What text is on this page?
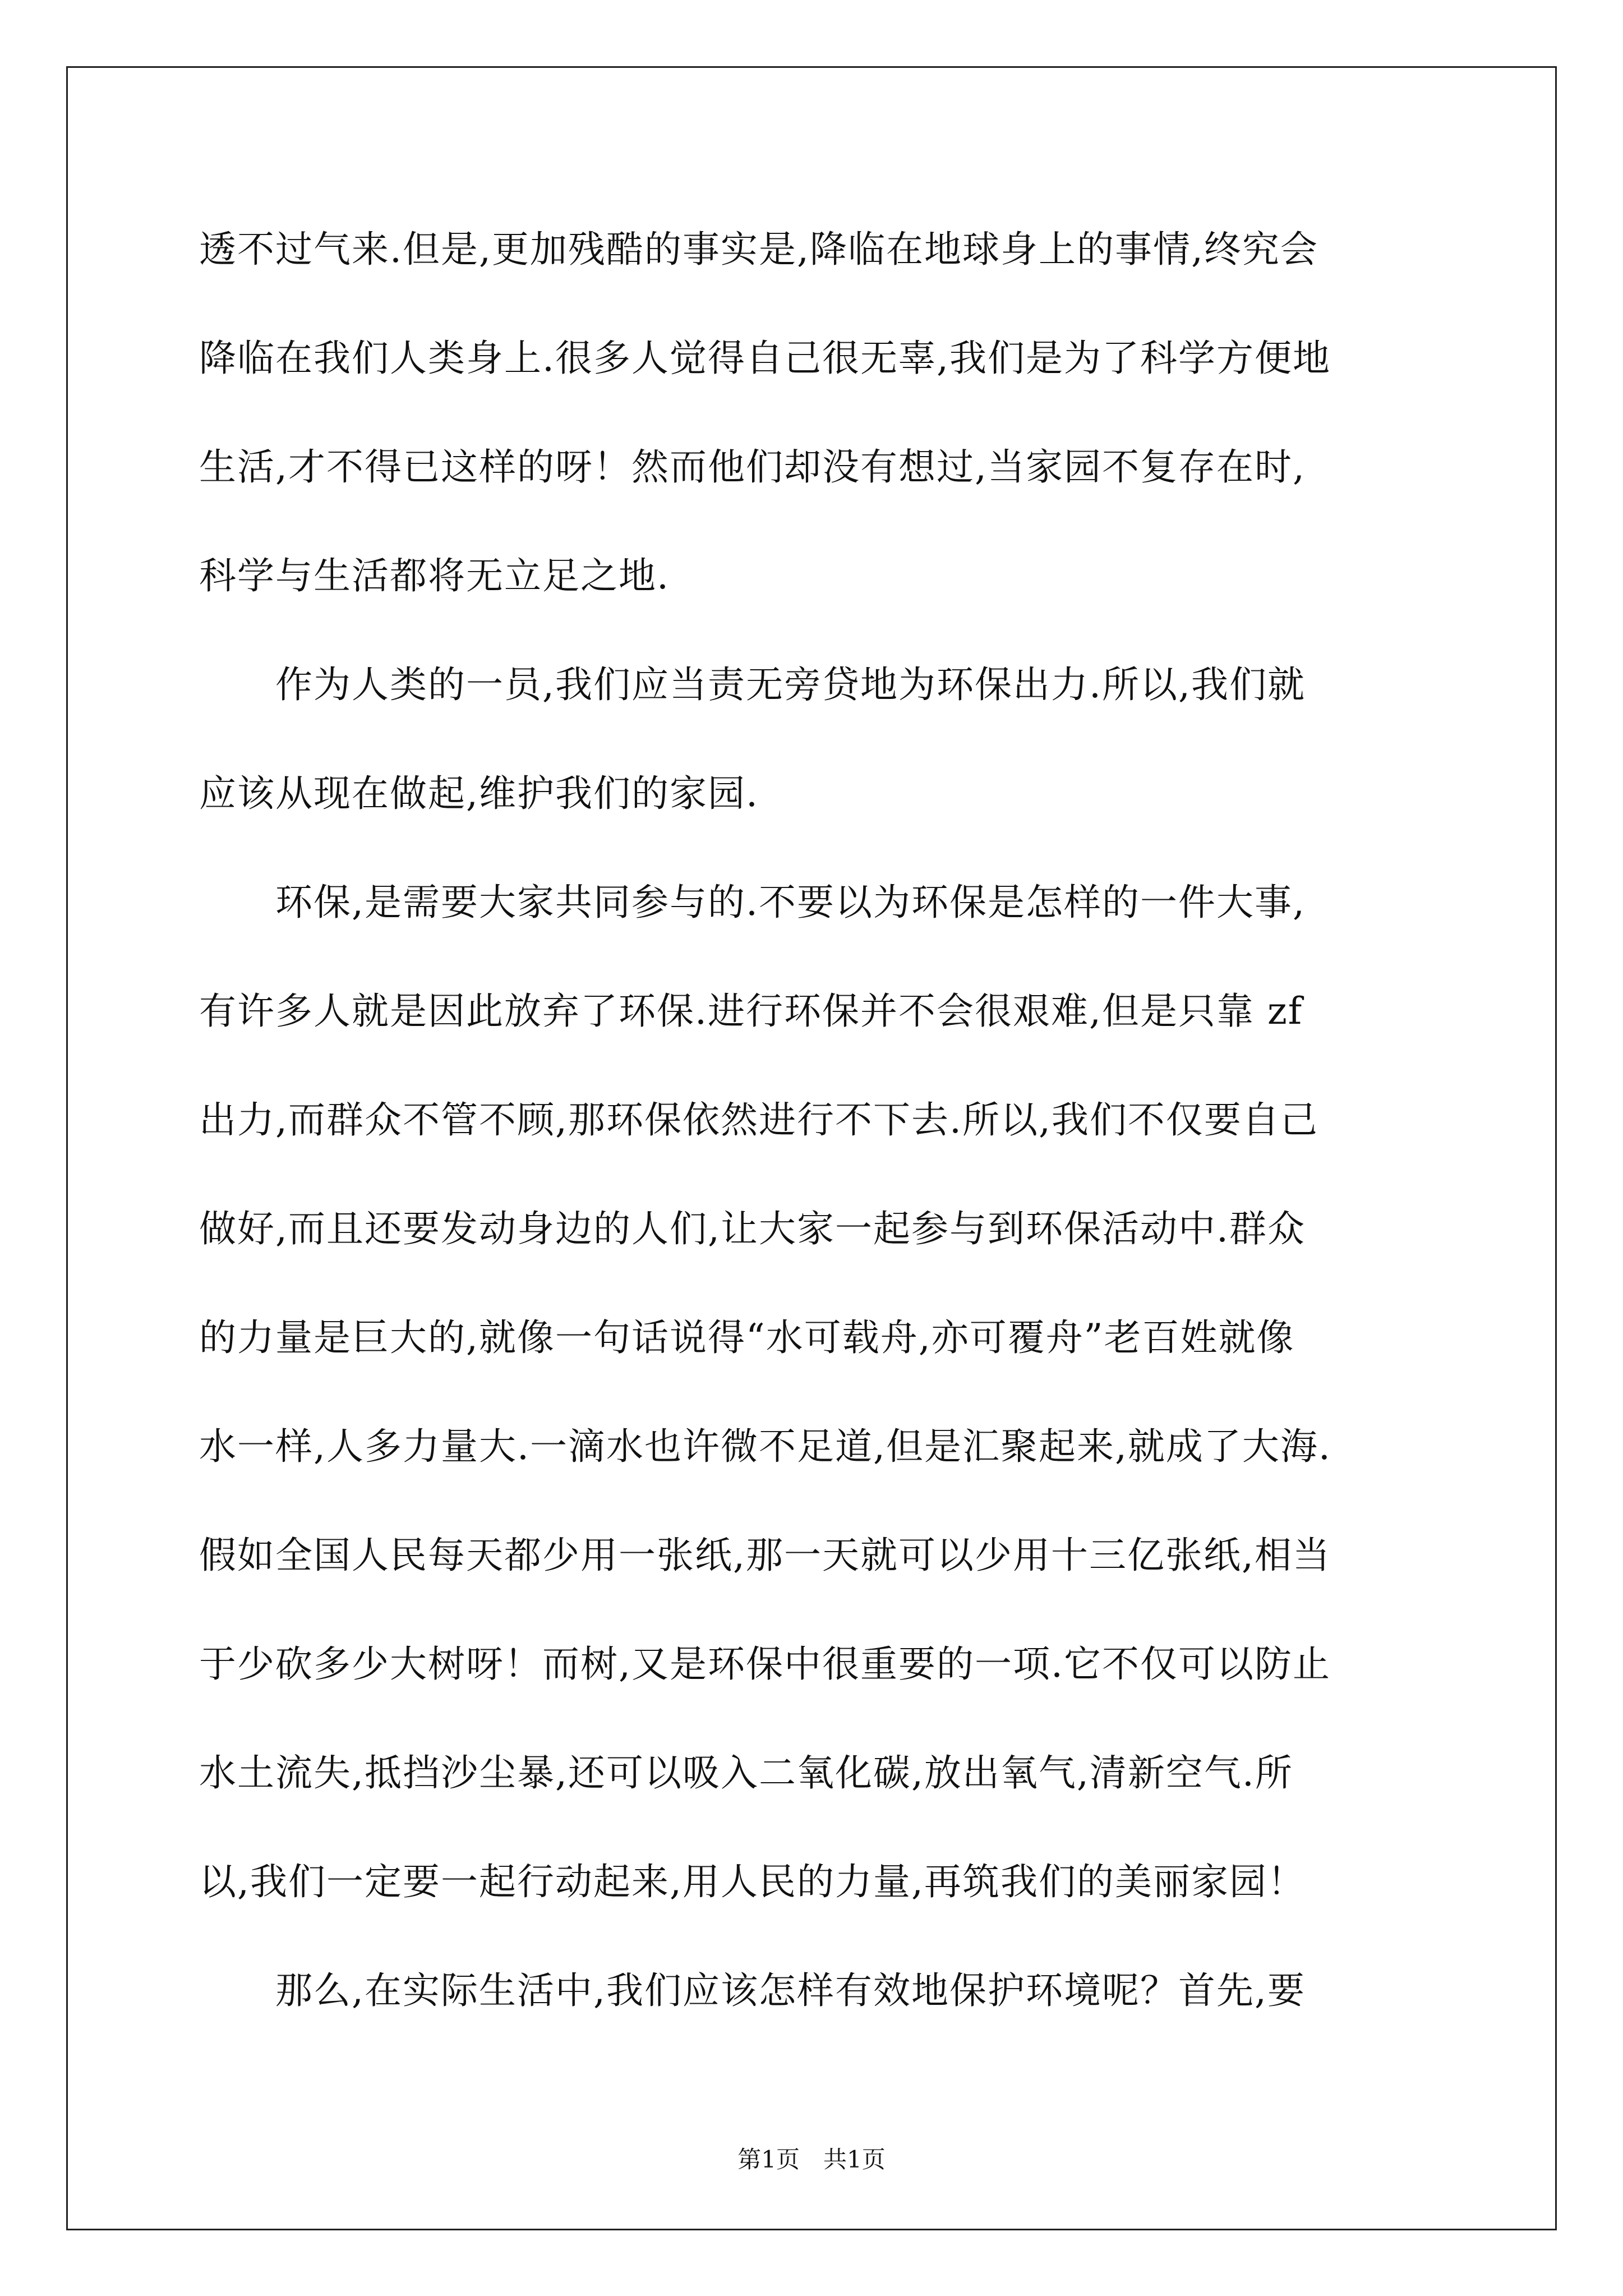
透不过气来.但是,更加残酷的事实是,降临在地球身上的事情,终究会
降临在我们人类身上.很多人觉得自己很无辜,我们是为了科学方便地
生活,才不得已这样的呀！然而他们却没有想过,当家园不复存在时,
科学与生活都将无立足之地.
　　作为人类的一员,我们应当责无旁贷地为环保出力.所以,我们就
应该从现在做起,维护我们的家园.
　　环保,是需要大家共同参与的.不要以为环保是怎样的一件大事,
有许多人就是因此放弃了环保.进行环保并不会很艰难,但是只靠 zf
出力,而群众不管不顾,那环保依然进行不下去.所以,我们不仅要自己
做好,而且还要发动身边的人们,让大家一起参与到环保活动中.群众
的力量是巨大的,就像一句话说得“水可载舟,亦可覆舟”老百姓就像
水一样,人多力量大.一滴水也许微不足道,但是汇聚起来,就成了大海.
假如全国人民每天都少用一张纸,那一天就可以少用十三亿张纸,相当
于少砍多少大树呀！而树,又是环保中很重要的一项.它不仅可以防止
水土流失,抵挡沙尘暴,还可以吸入二氧化碳,放出氧气,清新空气.所
以,我们一定要一起行动起来,用人民的力量,再筑我们的美丽家园！
　　那么,在实际生活中,我们应该怎样有效地保护环境呢？首先,要
第1页　共1页
